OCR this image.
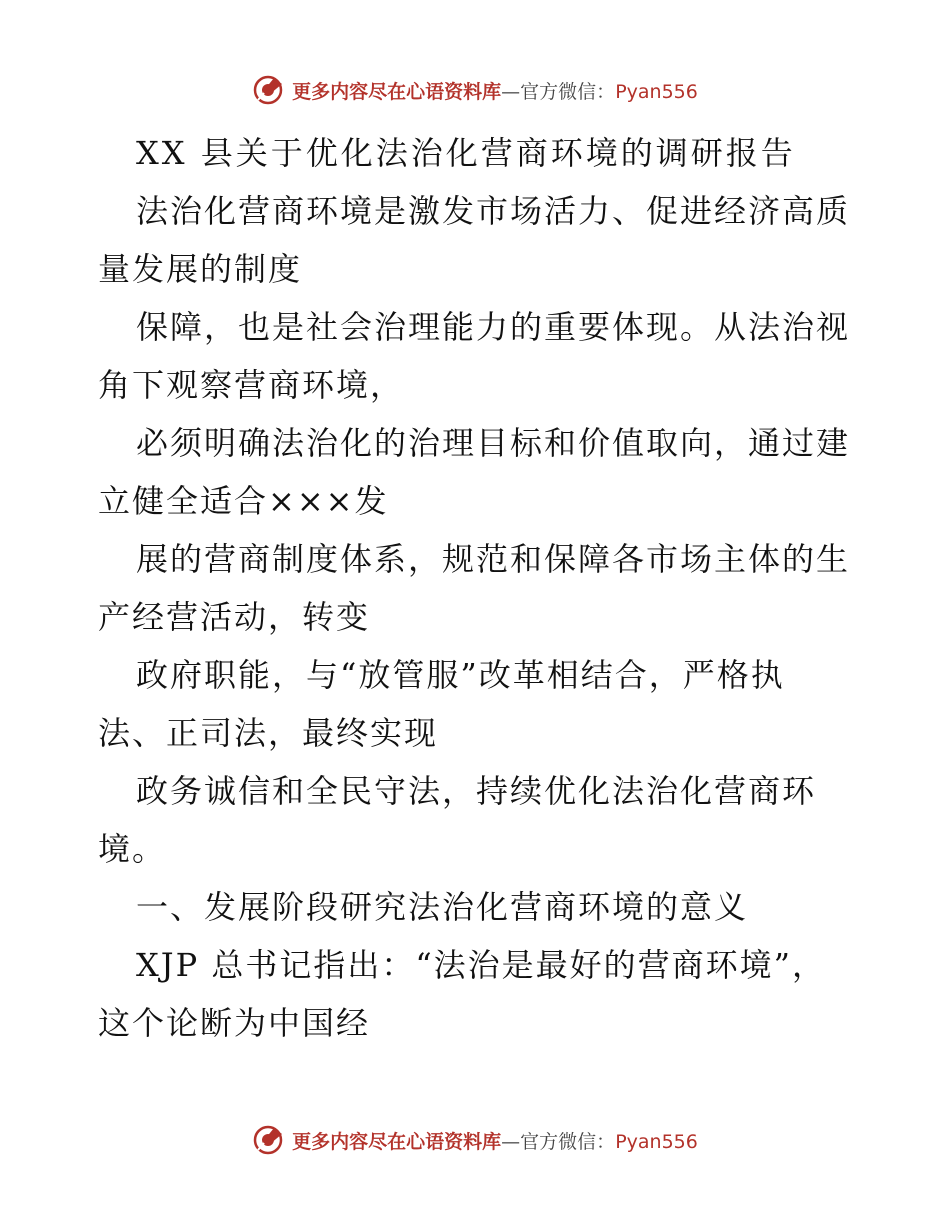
更多内容尽在心语资料库—官方微信：Pyan556

XX 县关于优化法治化营商环境的调研报告

法治化营商环境是激发市场活力、促进经济高质
量发展的制度

保障，也是社会治理能力的重要体现。从法治视
角下观察营商环境，

必须明确法治化的治理目标和价值取向，通过建
立健全适合×××发

展的营商制度体系，规范和保障各市场主体的生
产经营活动，转变

政府职能，与“放管服”改革相结合，严格执
法、正司法，最终实现

政务诚信和全民守法，持续优化法治化营商环
境。

一、发展阶段研究法治化营商环境的意义

XJP 总书记指出：“法治是最好的营商环境”，
这个论断为中国经

更多内容尽在心语资料库—官方微信：Pyan556
